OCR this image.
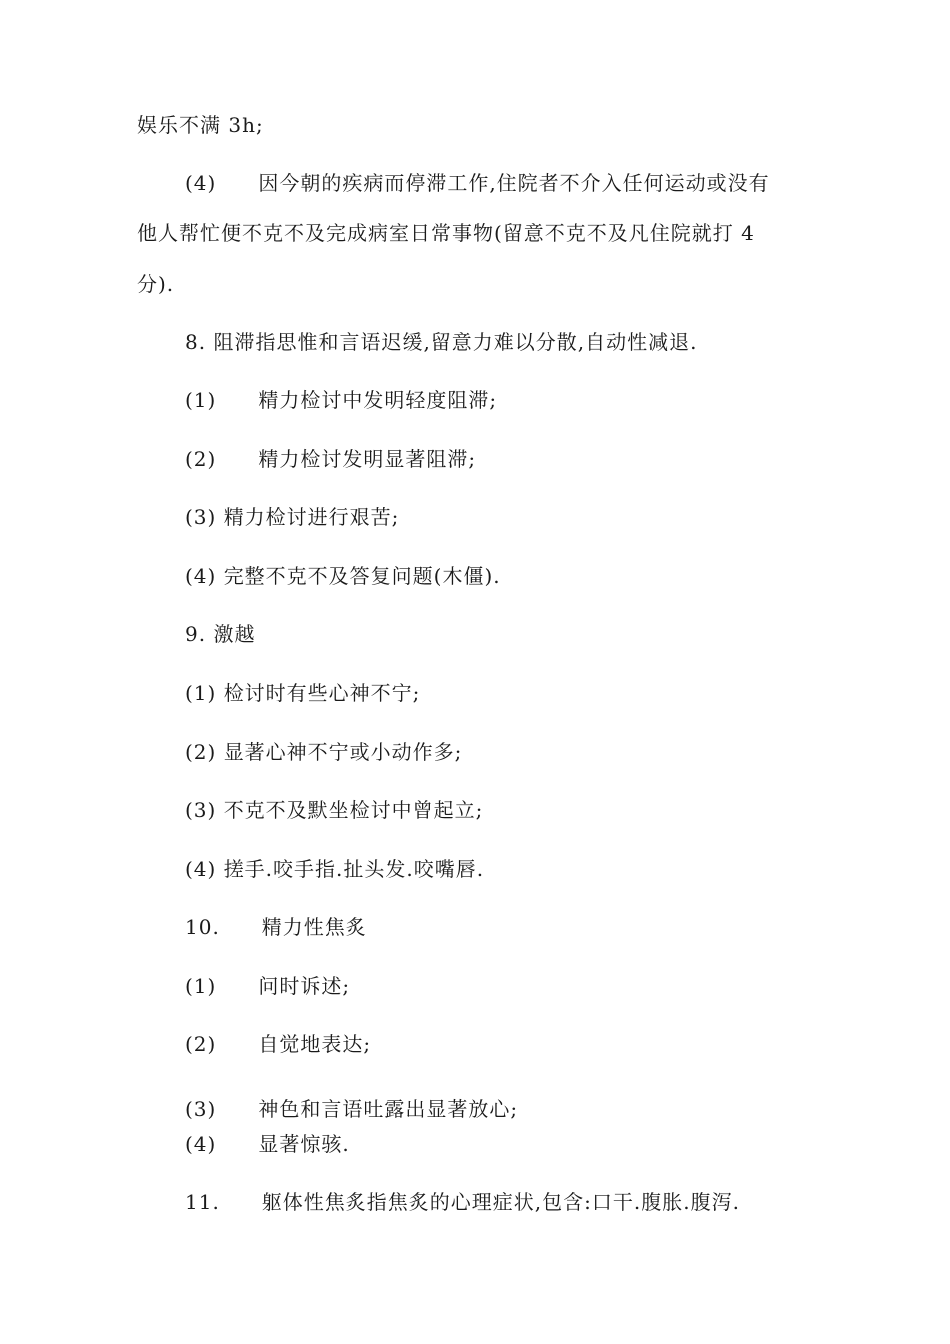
娱乐不满 3h;
(4)　　因今朝的疾病而停滞工作,住院者不介入任何运动或没有
他人帮忙便不克不及完成病室日常事物(留意不克不及凡住院就打 4
分).
8. 阻滞指思惟和言语迟缓,留意力难以分散,自动性减退.
(1)　　精力检讨中发明轻度阻滞;
(2)　　精力检讨发明显著阻滞;
(3) 精力检讨进行艰苦;
(4) 完整不克不及答复问题(木僵).
9. 激越
(1) 检讨时有些心神不宁;
(2) 显著心神不宁或小动作多;
(3) 不克不及默坐检讨中曾起立;
(4) 搓手.咬手指.扯头发.咬嘴唇.
10.　　精力性焦炙
(1)　　问时诉述;
(2)　　自觉地表达;
(3)　　神色和言语吐露出显著放心;
(4)　　显著惊骇.
11.　　躯体性焦炙指焦炙的心理症状,包含:口干.腹胀.腹泻.
